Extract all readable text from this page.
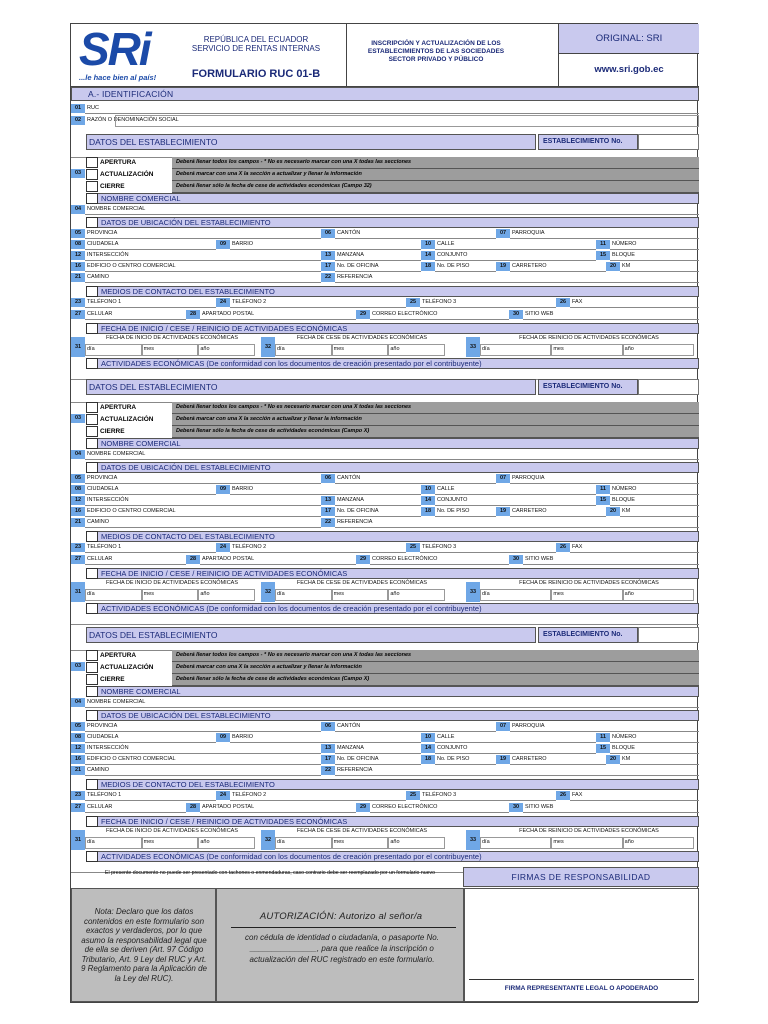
SRi
...le hace bien al país!
REPÚBLICA DEL ECUADOR
SERVICIO DE RENTAS INTERNAS
FORMULARIO RUC 01-B
INSCRIPCIÓN Y ACTUALIZACIÓN DE LOS ESTABLECIMIENTOS DE LAS SOCIEDADES SECTOR PRIVADO Y PÚBLICO
ORIGINAL: SRI
www.sri.gob.ec
A.- IDENTIFICACIÓN
01	RUC
02	RAZÓN O DENOMINACIÓN SOCIAL
DATOS DEL ESTABLECIMIENTO	ESTABLECIMIENTO No.
03
APERTURA	Deberá llenar todos los campos - * No es necesario marcar con una X todas las secciones
ACTUALIZACIÓN	Deberá marcar con una X la sección a actualizar y llenar la información
CIERRE	Deberá llenar sólo la fecha de cese de actividades económicas (Campo 32)
NOMBRE COMERCIAL
04	NOMBRE COMERCIAL
DATOS DE UBICACIÓN DEL ESTABLECIMIENTO
05	PROVINCIA	06	CANTÓN	07	PARROQUIA
08	CIUDADELA	09	BARRIO	10	CALLE	11	NÚMERO
12	INTERSECCIÓN	13	MANZANA	14	CONJUNTO	15	BLOQUE
16	EDIFICIO O CENTRO COMERCIAL	17	No. DE OFICINA	18	No. DE PISO	19	CARRETERO	20	KM
21	CAMINO	22	REFERENCIA
MEDIOS DE CONTACTO DEL ESTABLECIMIENTO
23	TELÉFONO 1	24	TELÉFONO 2	25	TELÉFONO 3	26	FAX
27	CELULAR	28	APARTADO POSTAL	29	CORREO ELECTRÓNICO	30	SITIO WEB
FECHA DE INICIO / CESE / REINICIO DE ACTIVIDADES ECONÓMICAS
31
FECHA DE INICIO DE ACTIVIDADES ECONÓMICAS
día	mes	año	32
FECHA DE CESE DE ACTIVIDADES ECONÓMICAS
día	mes	año	33
FECHA DE REINICIO DE ACTIVIDADES ECONÓMICAS
día	mes	año
ACTIVIDADES ECONÓMICAS (De conformidad con los documentos de creación presentado por el contribuyente)
DATOS DEL ESTABLECIMIENTO	ESTABLECIMIENTO No.
03
APERTURA	Deberá llenar todos los campos - * No es necesario marcar con una X todas las secciones
ACTUALIZACIÓN	Deberá marcar con una X la sección a actualizar y llenar la información
CIERRE	Deberá llenar sólo la fecha de cese de actividades económicas (Campo X)
NOMBRE COMERCIAL
04	NOMBRE COMERCIAL
DATOS DE UBICACIÓN DEL ESTABLECIMIENTO
05	PROVINCIA	06	CANTÓN	07	PARROQUIA
08	CIUDADELA	09	BARRIO	10	CALLE	11	NÚMERO
12	INTERSECCIÓN	13	MANZANA	14	CONJUNTO	15	BLOQUE
16	EDIFICIO O CENTRO COMERCIAL	17	No. DE OFICINA	18	No. DE PISO	19	CARRETERO	20	KM
21	CAMINO	22	REFERENCIA
MEDIOS DE CONTACTO DEL ESTABLECIMIENTO
23	TELÉFONO 1	24	TELÉFONO 2	25	TELÉFONO 3	26	FAX
27	CELULAR	28	APARTADO POSTAL	29	CORREO ELECTRÓNICO	30	SITIO WEB
FECHA DE INICIO / CESE / REINICIO DE ACTIVIDADES ECONÓMICAS
31
FECHA DE INICIO DE ACTIVIDADES ECONÓMICAS
día	mes	año	32
FECHA DE CESE DE ACTIVIDADES ECONÓMICAS
día	mes	año	33
FECHA DE REINICIO DE ACTIVIDADES ECONÓMICAS
día	mes	año
ACTIVIDADES ECONÓMICAS (De conformidad con los documentos de creación presentado por el contribuyente)
DATOS DEL ESTABLECIMIENTO	ESTABLECIMIENTO No.
03
APERTURA	Deberá llenar todos los campos - * No es necesario marcar con una X todas las secciones
ACTUALIZACIÓN	Deberá marcar con una X la sección a actualizar y llenar la información
CIERRE	Deberá llenar sólo la fecha de cese de actividades económicas (Campo X)
NOMBRE COMERCIAL
04	NOMBRE COMERCIAL
DATOS DE UBICACIÓN DEL ESTABLECIMIENTO
05	PROVINCIA	06	CANTÓN	07	PARROQUIA
08	CIUDADELA	09	BARRIO	10	CALLE	11	NÚMERO
12	INTERSECCIÓN	13	MANZANA	14	CONJUNTO	15	BLOQUE
16	EDIFICIO O CENTRO COMERCIAL	17	No. DE OFICINA	18	No. DE PISO	19	CARRETERO	20	KM
21	CAMINO	22	REFERENCIA
MEDIOS DE CONTACTO DEL ESTABLECIMIENTO
23	TELÉFONO 1	24	TELÉFONO 2	25	TELÉFONO 3	26	FAX
27	CELULAR	28	APARTADO POSTAL	29	CORREO ELECTRÓNICO	30	SITIO WEB
FECHA DE INICIO / CESE / REINICIO DE ACTIVIDADES ECONÓMICAS
31
FECHA DE INICIO DE ACTIVIDADES ECONÓMICAS
día	mes	año	32
FECHA DE CESE DE ACTIVIDADES ECONÓMICAS
día	mes	año	33
FECHA DE REINICIO DE ACTIVIDADES ECONÓMICAS
día	mes	año
ACTIVIDADES ECONÓMICAS (De conformidad con los documentos de creación presentado por el contribuyente)
El presente documento no puede ser presentado con tachones o enmendaduras, caso contrario debe ser reemplazado por un formulario nuevo	FIRMAS DE RESPONSABILIDAD
Nota: Declaro que los datos contenidos en este formulario son exactos y verdaderos, por lo que asumo la responsabilidad legal que de ella se deriven (Art. 97 Código Tributario, Art. 9 Ley del RUC y Art. 9 Reglamento para la Aplicación de la Ley del RUC).
AUTORIZACIÓN: Autorizo al señor/a
con cédula de identidad o ciudadanía, o pasaporte No. _______________, para que realice la inscripción o actualización del RUC registrado en este formulario.
FIRMA REPRESENTANTE LEGAL O APODERADO
